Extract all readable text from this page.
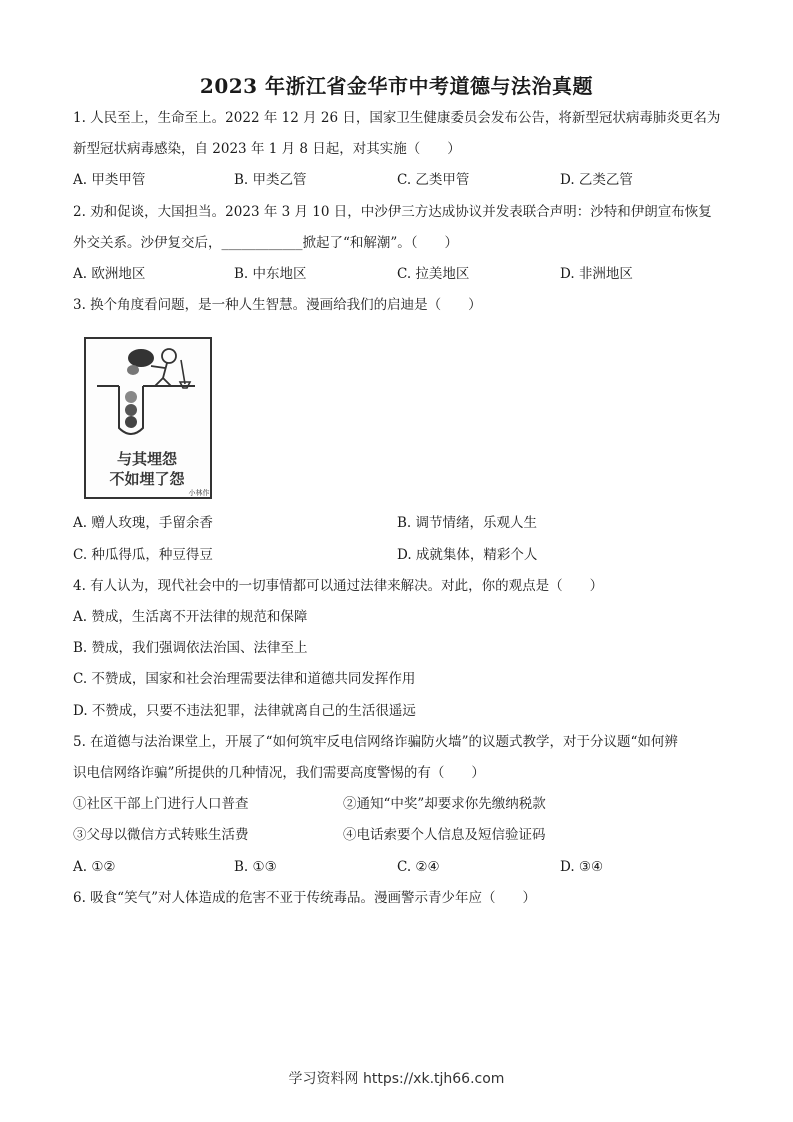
2023 年浙江省金华市中考道德与法治真题
1. 人民至上，生命至上。2022 年 12 月 26 日，国家卫生健康委员会发布公告，将新型冠状病毒肺炎更名为
新型冠状病毒感染，自 2023 年 1 月 8 日起，对其实施（　　）
A. 甲类甲管	B. 甲类乙管	C. 乙类甲管	D. 乙类乙管
2. 劝和促谈，大国担当。2023 年 3 月 10 日，中沙伊三方达成协议并发表联合声明：沙特和伊朗宣布恢复
外交关系。沙伊复交后，____________掀起了“和解潮”。（　　）
A. 欧洲地区	B. 中东地区	C. 拉美地区	D. 非洲地区
3. 换个角度看问题，是一种人生智慧。漫画给我们的启迪是（　　）
与其埋怨
不如埋了怨
小林作
A. 赠人玫瑰，手留余香	B. 调节情绪，乐观人生
C. 种瓜得瓜，种豆得豆	D. 成就集体，精彩个人
4. 有人认为，现代社会中的一切事情都可以通过法律来解决。对此，你的观点是（　　）
A. 赞成，生活离不开法律的规范和保障
B. 赞成，我们强调依法治国、法律至上
C. 不赞成，国家和社会治理需要法律和道德共同发挥作用
D. 不赞成，只要不违法犯罪，法律就离自己的生活很遥远
5. 在道德与法治课堂上，开展了“如何筑牢反电信网络诈骗防火墙”的议题式教学，对于分议题“如何辨
识电信网络诈骗”所提供的几种情况，我们需要高度警惕的有（　　）
①社区干部上门进行人口普查	②通知“中奖”却要求你先缴纳税款
③父母以微信方式转账生活费	④电话索要个人信息及短信验证码
A. ①②	B. ①③	C. ②④	D. ③④
6. 吸食“笑气”对人体造成的危害不亚于传统毒品。漫画警示青少年应（　　）
学习资料网 https://xk.tjh66.com
